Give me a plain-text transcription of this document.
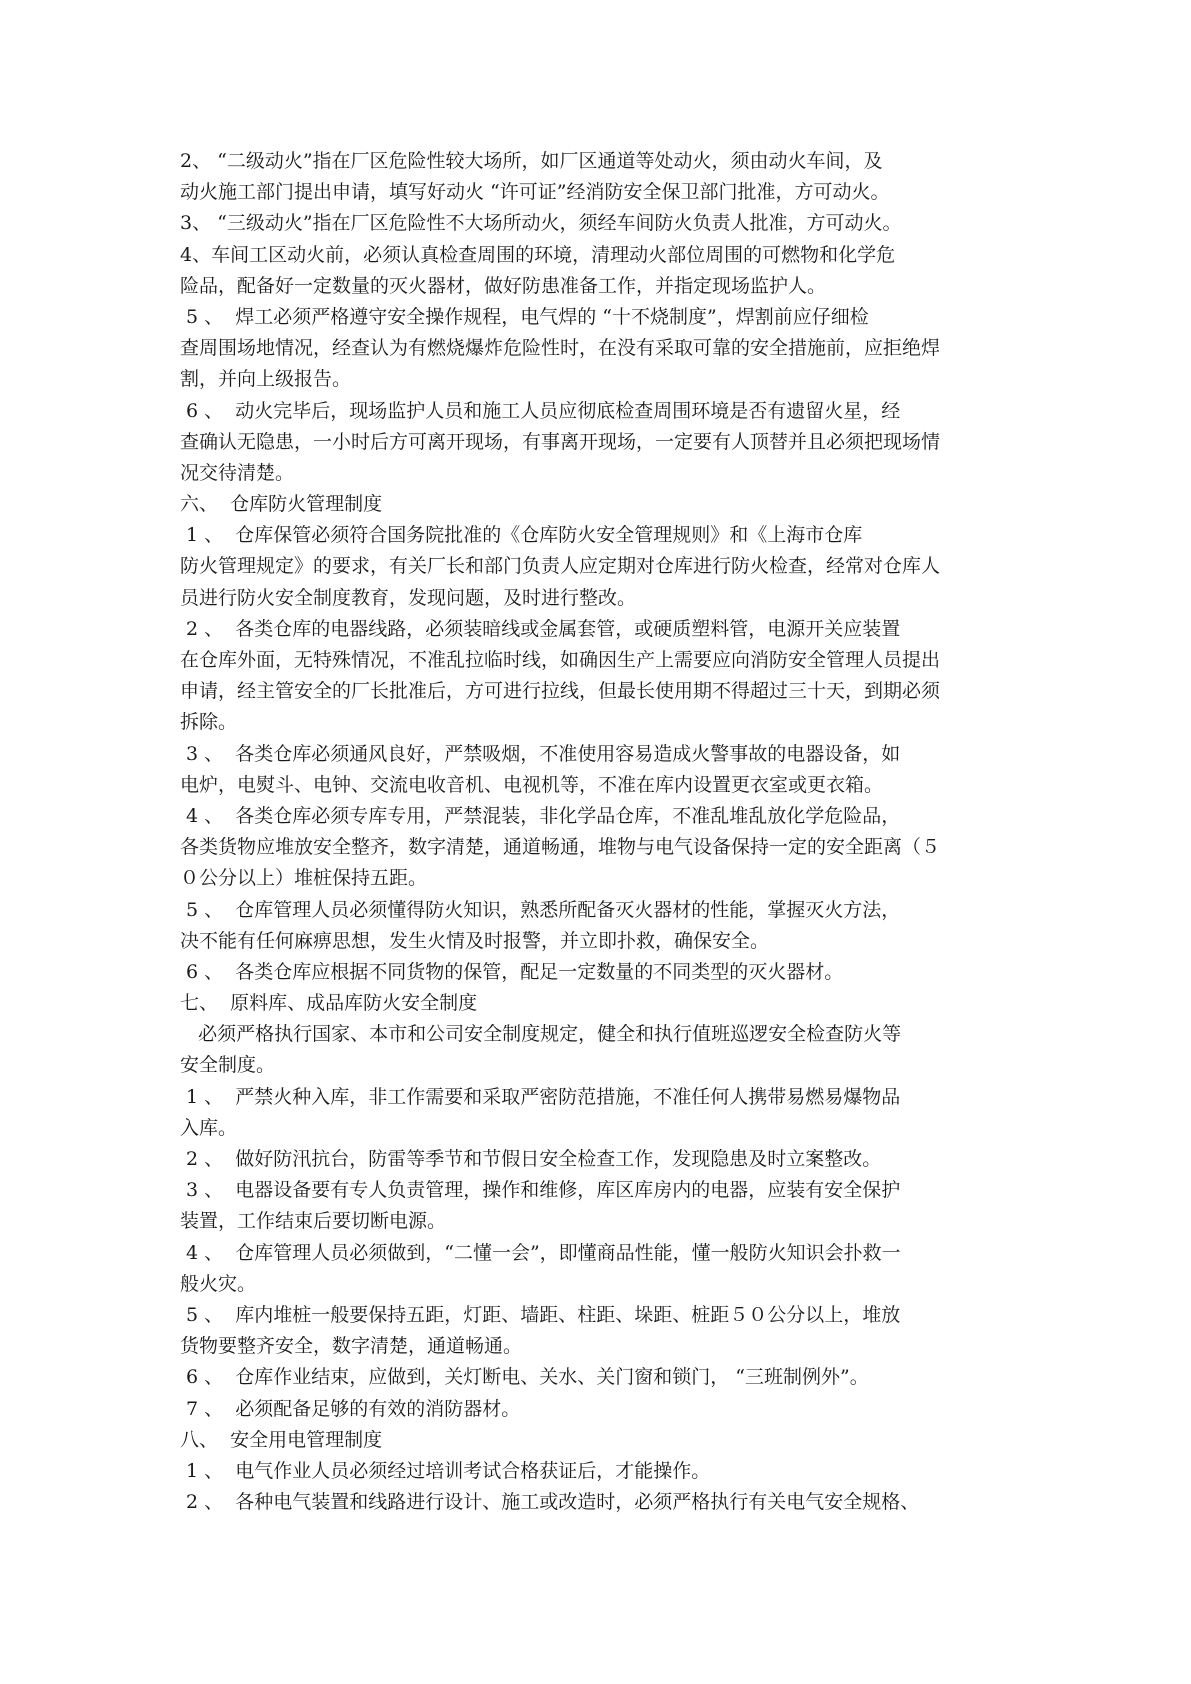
2、 “二级动火”指在厂区危险性较大场所，如厂区通道等处动火，须由动火车间，及
动火施工部门提出申请，填写好动火 “许可证”经消防安全保卫部门批准，方可动火。
3、 “三级动火”指在厂区危险性不大场所动火，须经车间防火负责人批准，方可动火。
4、车间工区动火前，必须认真检查周围的环境，清理动火部位周围的可燃物和化学危
险品，配备好一定数量的灭火器材，做好防患准备工作，并指定现场监护人。
5 、  焊工必须严格遵守安全操作规程，电气焊的 “十不烧制度”，焊割前应仔细检
查周围场地情况，经查认为有燃烧爆炸危险性时，在没有采取可靠的安全措施前，应拒绝焊
割，并向上级报告。
6 、  动火完毕后，现场监护人员和施工人员应彻底检查周围环境是否有遗留火星，经
查确认无隐患，一小时后方可离开现场，有事离开现场，一定要有人顶替并且必须把现场情
况交待清楚。
六、  仓库防火管理制度
1 、  仓库保管必须符合国务院批准的《仓库防火安全管理规则》和《上海市仓库
防火管理规定》的要求，有关厂长和部门负责人应定期对仓库进行防火检查，经常对仓库人
员进行防火安全制度教育，发现问题，及时进行整改。
2 、  各类仓库的电器线路，必须装暗线或金属套管，或硬质塑料管，电源开关应装置
在仓库外面，无特殊情况，不准乱拉临时线，如确因生产上需要应向消防安全管理人员提出
申请，经主管安全的厂长批准后，方可进行拉线，但最长使用期不得超过三十天，到期必须
拆除。
3 、  各类仓库必须通风良好，严禁吸烟，不准使用容易造成火警事故的电器设备，如
电炉，电熨斗、电钟、交流电收音机、电视机等，不准在库内设置更衣室或更衣箱。
4 、  各类仓库必须专库专用，严禁混装，非化学品仓库，不准乱堆乱放化学危险品，
各类货物应堆放安全整齐，数字清楚，通道畅通，堆物与电气设备保持一定的安全距离（５
０公分以上）堆桩保持五距。
5 、  仓库管理人员必须懂得防火知识，熟悉所配备灭火器材的性能，掌握灭火方法，
决不能有任何麻痹思想，发生火情及时报警，并立即扑救，确保安全。
6 、  各类仓库应根据不同货物的保管，配足一定数量的不同类型的灭火器材。
七、  原料库、成品库防火安全制度
必须严格执行国家、本市和公司安全制度规定，健全和执行值班巡逻安全检查防火等
安全制度。
1 、  严禁火种入库，非工作需要和采取严密防范措施，不准任何人携带易燃易爆物品
入库。
2 、  做好防汛抗台，防雷等季节和节假日安全检查工作，发现隐患及时立案整改。
3 、  电器设备要有专人负责管理，操作和维修，库区库房内的电器，应装有安全保护
装置，工作结束后要切断电源。
4 、  仓库管理人员必须做到，“二懂一会”，即懂商品性能，懂一般防火知识会扑救一
般火灾。
5 、  库内堆桩一般要保持五距，灯距、墙距、柱距、垛距、桩距５０公分以上，堆放
货物要整齐安全，数字清楚，通道畅通。
6 、  仓库作业结束，应做到，关灯断电、关水、关门窗和锁门， “三班制例外”。
7 、  必须配备足够的有效的消防器材。
八、  安全用电管理制度
1 、  电气作业人员必须经过培训考试合格获证后，才能操作。
2 、  各种电气装置和线路进行设计、施工或改造时，必须严格执行有关电气安全规格、
